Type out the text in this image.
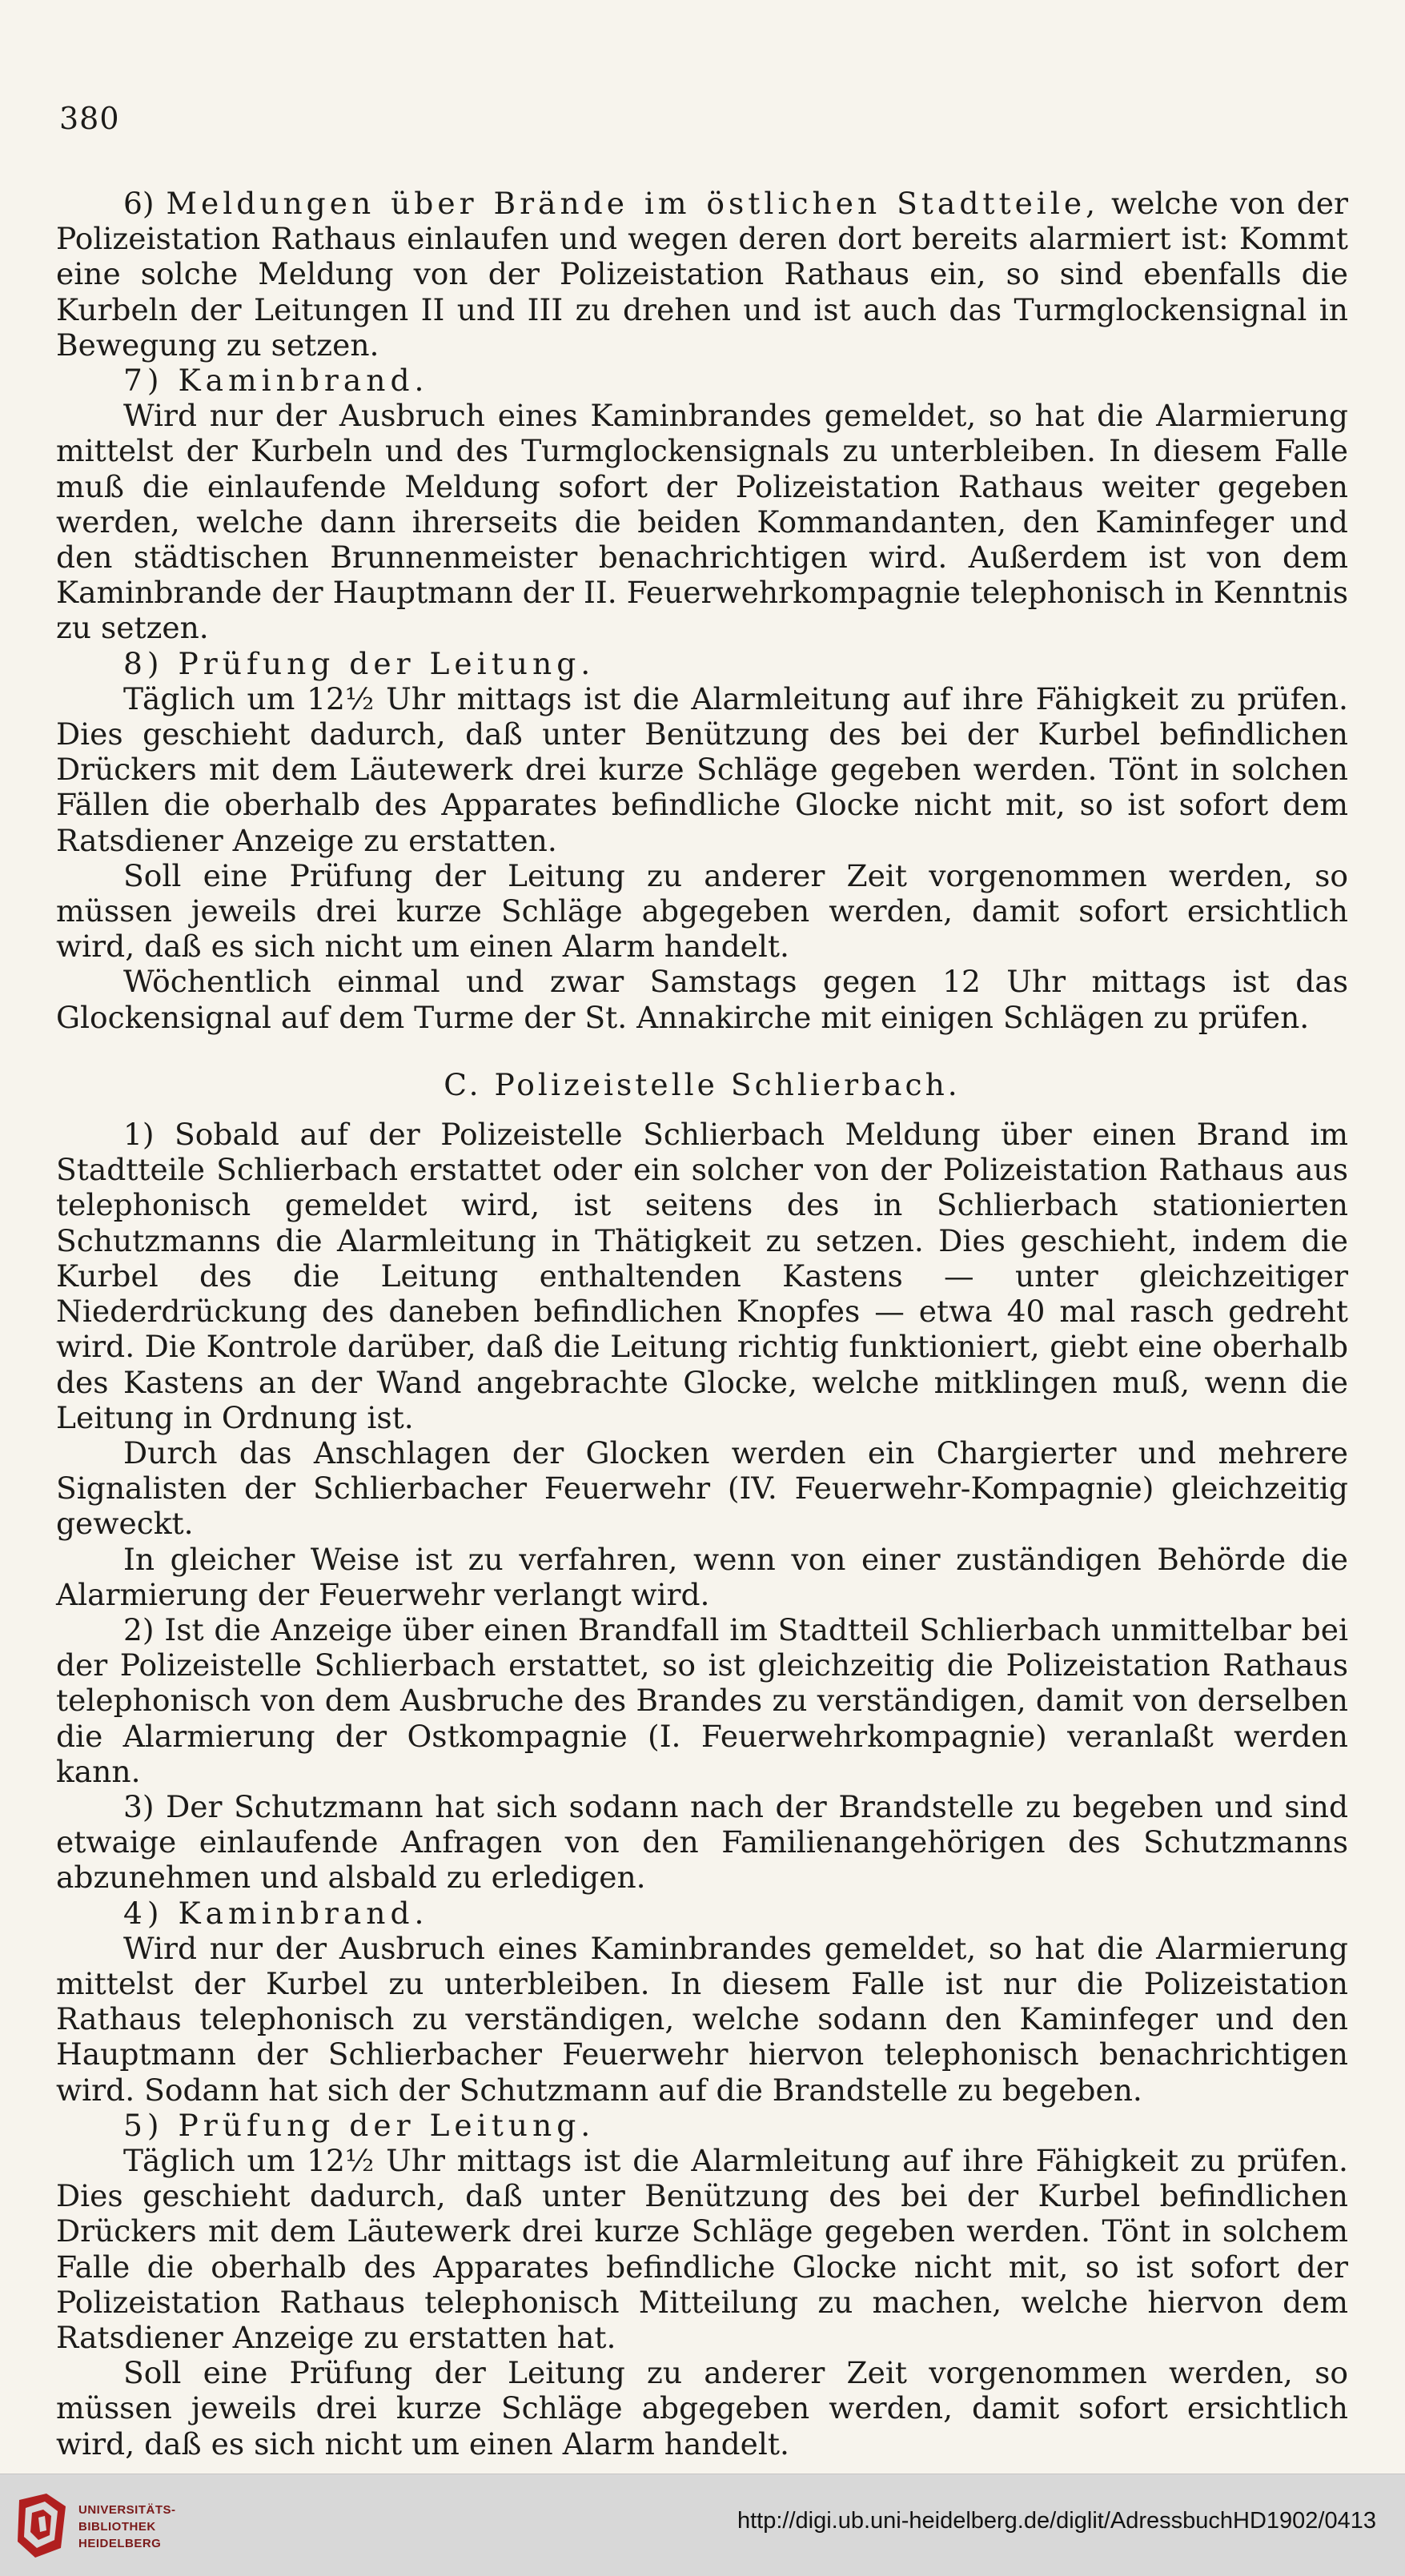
380

6) Meldungen über Brände im östlichen Stadtteile, welche von der Polizeistation Rathaus einlaufen und wegen deren dort bereits alarmiert ist: Kommt eine solche Meldung von der Polizeistation Rathaus ein, so sind ebenfalls die Kurbeln der Leitungen II und III zu drehen und ist auch das Turmglockensignal in Bewegung zu setzen.

7) Kaminbrand.

Wird nur der Ausbruch eines Kaminbrandes gemeldet, so hat die Alarmierung mittelst der Kurbeln und des Turmglockensignals zu unterbleiben. In diesem Falle muß die einlaufende Meldung sofort der Polizeistation Rathaus weiter gegeben werden, welche dann ihrerseits die beiden Kommandanten, den Kaminfeger und den städtischen Brunnenmeister benachrichtigen wird. Außerdem ist von dem Kaminbrande der Hauptmann der II. Feuerwehrkompagnie telephonisch in Kenntnis zu setzen.

8) Prüfung der Leitung.

Täglich um 12½ Uhr mittags ist die Alarmleitung auf ihre Fähigkeit zu prüfen. Dies geschieht dadurch, daß unter Benützung des bei der Kurbel befindlichen Drückers mit dem Läutewerk drei kurze Schläge gegeben werden. Tönt in solchen Fällen die oberhalb des Apparates befindliche Glocke nicht mit, so ist sofort dem Ratsdiener Anzeige zu erstatten.

Soll eine Prüfung der Leitung zu anderer Zeit vorgenommen werden, so müssen jeweils drei kurze Schläge abgegeben werden, damit sofort ersichtlich wird, daß es sich nicht um einen Alarm handelt.

Wöchentlich einmal und zwar Samstags gegen 12 Uhr mittags ist das Glockensignal auf dem Turme der St. Annakirche mit einigen Schlägen zu prüfen.

C. Polizeistelle Schlierbach.

1) Sobald auf der Polizeistelle Schlierbach Meldung über einen Brand im Stadtteile Schlierbach erstattet oder ein solcher von der Polizeistation Rathaus aus telephonisch gemeldet wird, ist seitens des in Schlierbach stationierten Schutzmanns die Alarmleitung in Thätigkeit zu setzen. Dies geschieht, indem die Kurbel des die Leitung enthaltenden Kastens — unter gleichzeitiger Niederdrückung des daneben befindlichen Knopfes — etwa 40 mal rasch gedreht wird. Die Kontrole darüber, daß die Leitung richtig funktioniert, giebt eine oberhalb des Kastens an der Wand angebrachte Glocke, welche mitklingen muß, wenn die Leitung in Ordnung ist.

Durch das Anschlagen der Glocken werden ein Chargierter und mehrere Signalisten der Schlierbacher Feuerwehr (IV. Feuerwehr-Kompagnie) gleichzeitig geweckt.

In gleicher Weise ist zu verfahren, wenn von einer zuständigen Behörde die Alarmierung der Feuerwehr verlangt wird.

2) Ist die Anzeige über einen Brandfall im Stadtteil Schlierbach unmittelbar bei der Polizeistelle Schlierbach erstattet, so ist gleichzeitig die Polizeistation Rathaus telephonisch von dem Ausbruche des Brandes zu verständigen, damit von derselben die Alarmierung der Ostkompagnie (I. Feuerwehrkompagnie) veranlaßt werden kann.

3) Der Schutzmann hat sich sodann nach der Brandstelle zu begeben und sind etwaige einlaufende Anfragen von den Familienangehörigen des Schutzmanns abzunehmen und alsbald zu erledigen.

4) Kaminbrand.

Wird nur der Ausbruch eines Kaminbrandes gemeldet, so hat die Alarmierung mittelst der Kurbel zu unterbleiben. In diesem Falle ist nur die Polizeistation Rathaus telephonisch zu verständigen, welche sodann den Kaminfeger und den Hauptmann der Schlierbacher Feuerwehr hiervon telephonisch benachrichtigen wird. Sodann hat sich der Schutzmann auf die Brandstelle zu begeben.

5) Prüfung der Leitung.

Täglich um 12½ Uhr mittags ist die Alarmleitung auf ihre Fähigkeit zu prüfen. Dies geschieht dadurch, daß unter Benützung des bei der Kurbel befindlichen Drückers mit dem Läutewerk drei kurze Schläge gegeben werden. Tönt in solchem Falle die oberhalb des Apparates befindliche Glocke nicht mit, so ist sofort der Polizeistation Rathaus telephonisch Mitteilung zu machen, welche hiervon dem Ratsdiener Anzeige zu erstatten hat.

Soll eine Prüfung der Leitung zu anderer Zeit vorgenommen werden, so müssen jeweils drei kurze Schläge abgegeben werden, damit sofort ersichtlich wird, daß es sich nicht um einen Alarm handelt.

UNIVERSITÄTS-
BIBLIOTHEK
HEIDELBERG
http://digi.ub.uni-heidelberg.de/diglit/AdressbuchHD1902/0413
